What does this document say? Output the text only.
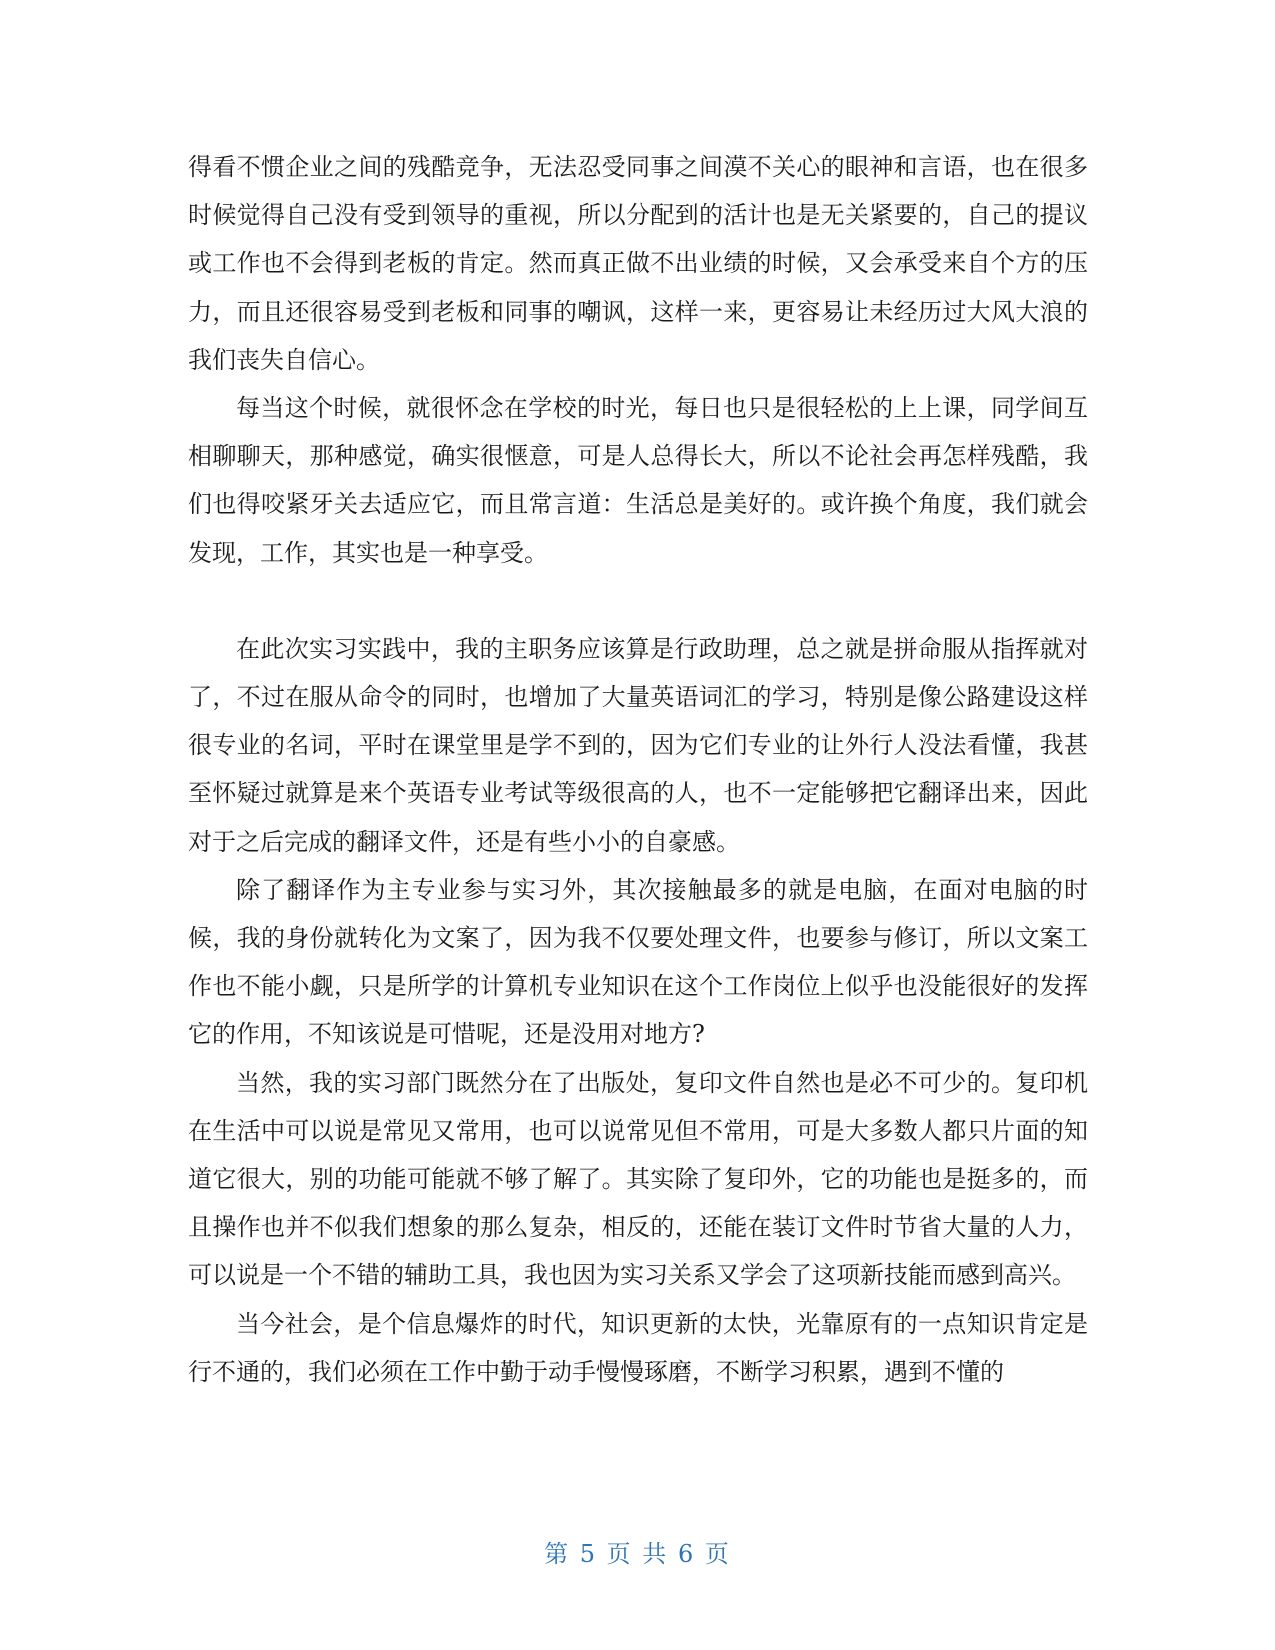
得看不惯企业之间的残酷竞争，无法忍受同事之间漠不关心的眼神和言语，也在很多时候觉得自己没有受到领导的重视，所以分配到的活计也是无关紧要的，自己的提议或工作也不会得到老板的肯定。然而真正做不出业绩的时候，又会承受来自个方的压力，而且还很容易受到老板和同事的嘲讽，这样一来，更容易让未经历过大风大浪的我们丧失自信心。

每当这个时候，就很怀念在学校的时光，每日也只是很轻松的上上课，同学间互相聊聊天，那种感觉，确实很惬意，可是人总得长大，所以不论社会再怎样残酷，我们也得咬紧牙关去适应它，而且常言道：生活总是美好的。或许换个角度，我们就会发现，工作，其实也是一种享受。

在此次实习实践中，我的主职务应该算是行政助理，总之就是拼命服从指挥就对了，不过在服从命令的同时，也增加了大量英语词汇的学习，特别是像公路建设这样很专业的名词，平时在课堂里是学不到的，因为它们专业的让外行人没法看懂，我甚至怀疑过就算是来个英语专业考试等级很高的人，也不一定能够把它翻译出来，因此对于之后完成的翻译文件，还是有些小小的自豪感。

除了翻译作为主专业参与实习外，其次接触最多的就是电脑，在面对电脑的时候，我的身份就转化为文案了，因为我不仅要处理文件，也要参与修订，所以文案工作也不能小觑，只是所学的计算机专业知识在这个工作岗位上似乎也没能很好的发挥它的作用，不知该说是可惜呢，还是没用对地方?

当然，我的实习部门既然分在了出版处，复印文件自然也是必不可少的。复印机在生活中可以说是常见又常用，也可以说常见但不常用，可是大多数人都只片面的知道它很大，别的功能可能就不够了解了。其实除了复印外，它的功能也是挺多的，而且操作也并不似我们想象的那么复杂，相反的，还能在装订文件时节省大量的人力，可以说是一个不错的辅助工具，我也因为实习关系又学会了这项新技能而感到高兴。

当今社会，是个信息爆炸的时代，知识更新的太快，光靠原有的一点知识肯定是行不通的，我们必须在工作中勤于动手慢慢琢磨，不断学习积累，遇到不懂的

第 5 页 共 6 页
